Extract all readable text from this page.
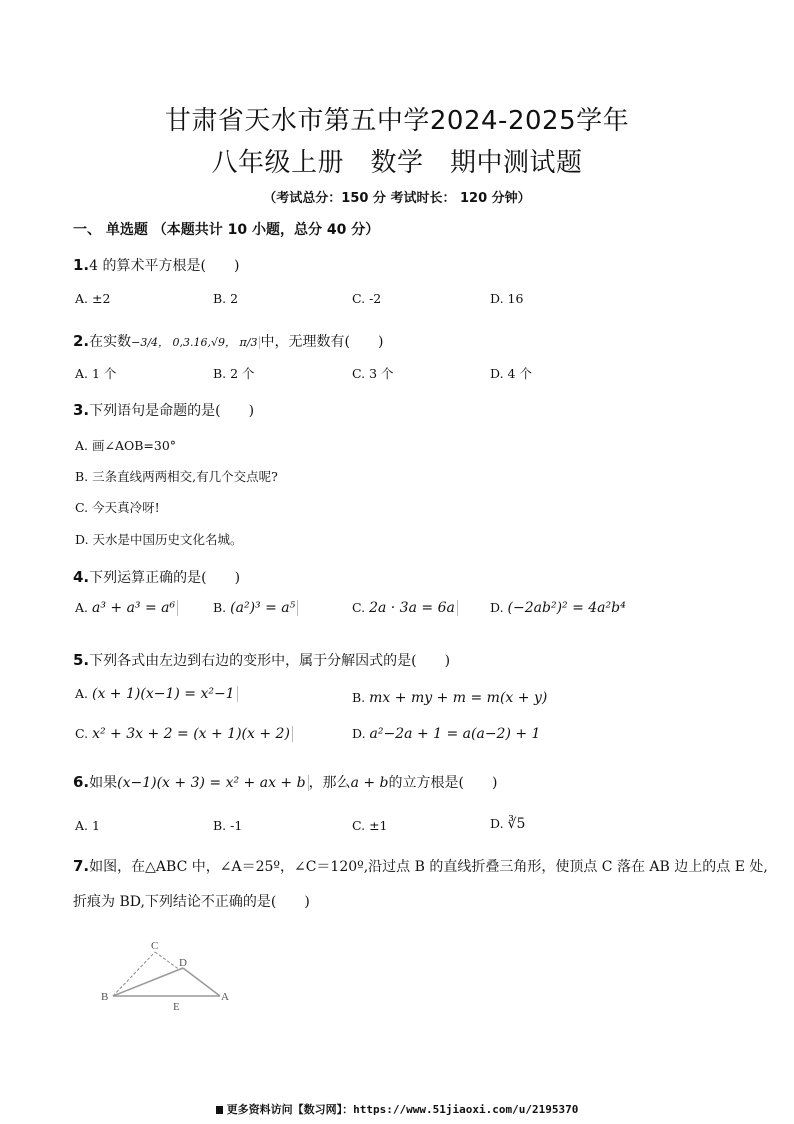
甘肃省天水市第五中学2024-2025学年
八年级上册　数学　期中测试题
（考试总分：150 分 考试时长： 120 分钟）
一、 单选题 （本题共计 10 小题，总分 40 分）
1.4 的算术平方根是(　　)
A. ±2	B. 2	C. -2	D. 16
2.在实数−3/4， 0,3.16,√9， π/3 中，无理数有(　　)
A. 1 个	B. 2 个	C. 3 个	D. 4 个
3.下列语句是命题的是(　　)
A. 画∠AOB=30°
B. 三条直线两两相交,有几个交点呢?
C. 今天真冷呀!
D. 天水是中国历史文化名城。
4.下列运算正确的是(　　)
A. a³ + a³ = a⁶	B. (a²)³ = a⁵	C. 2a · 3a = 6a	D. (−2ab²)² = 4a²b⁴
5.下列各式由左边到右边的变形中，属于分解因式的是(　　)
A. (x + 1)(x−1) = x²−1	B. mx + my + m = m(x + y)
C. x² + 3x + 2 = (x + 1)(x + 2)	D. a²−2a + 1 = a(a−2) + 1
6.如果(x−1)(x + 3) = x² + ax + b ，那么a + b的立方根是(　　)
A. 1	B. -1	C. ±1	D. ∛5
7.如图，在△ABC 中，∠A＝25º，∠C＝120º,沿过点 B 的直线折叠三角形，使顶点 C 落在 AB 边上的点 E 处,
折痕为 BD,下列结论不正确的是(　　)
C
D
B
E
A
更多资料访问【数习网】：https://www.51jiaoxi.com/u/2195370
